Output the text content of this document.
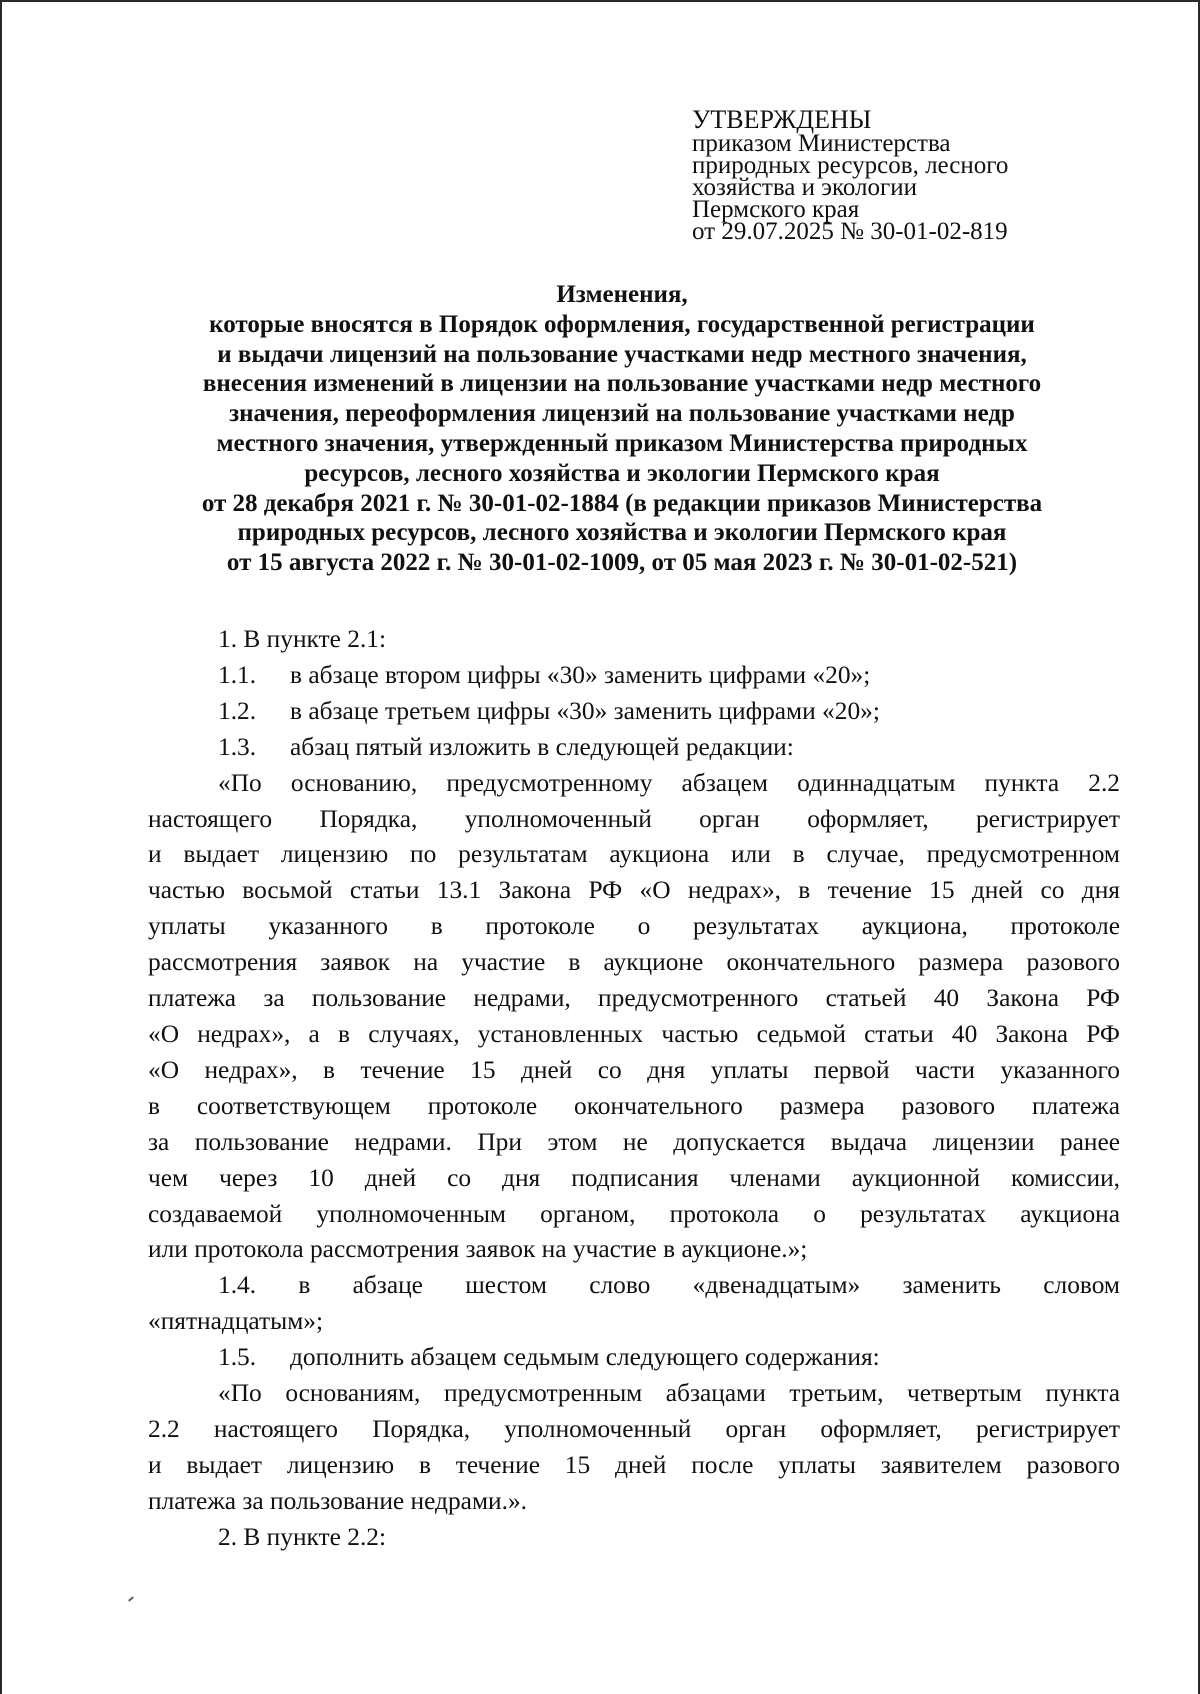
УТВЕРЖДЕНЫ
приказом Министерства
природных ресурсов, лесного
хозяйства и экологии
Пермского края
от 29.07.2025 № 30-01-02-819
Изменения,
которые вносятся в Порядок оформления, государственной регистрации
и выдачи лицензий на пользование участками недр местного значения,
внесения изменений в лицензии на пользование участками недр местного
значения, переоформления лицензий на пользование участками недр
местного значения, утвержденный приказом Министерства природных
ресурсов, лесного хозяйства и экологии Пермского края
от 28 декабря 2021 г. № 30-01-02-1884 (в редакции приказов Министерства
природных ресурсов, лесного хозяйства и экологии Пермского края
от 15 августа 2022 г. № 30-01-02-1009, от 05 мая 2023 г. № 30-01-02-521)

1. В пункте 2.1:

1.1.	в абзаце втором цифры «30» заменить цифрами «20»;
1.2.	в абзаце третьем цифры «30» заменить цифрами «20»;
1.3.	абзац пятый изложить в следующей редакции:

«По основанию, предусмотренному абзацем одиннадцатым пункта 2.2

настоящего Порядка, уполномоченный орган оформляет, регистрирует

и выдает лицензию по результатам аукциона или в случае, предусмотренном

частью восьмой статьи 13.1 Закона РФ «О недрах», в течение 15 дней со дня

уплаты указанного в протоколе о результатах аукциона, протоколе

рассмотрения заявок на участие в аукционе окончательного размера разового

платежа за пользование недрами, предусмотренного статьей 40 Закона РФ

«О недрах», а в случаях, установленных частью седьмой статьи 40 Закона РФ

«О недрах», в течение 15 дней со дня уплаты первой части указанного

в соответствующем протоколе окончательного размера разового платежа

за пользование недрами. При этом не допускается выдача лицензии ранее

чем через 10 дней со дня подписания членами аукционной комиссии,

создаваемой уполномоченным органом, протокола о результатах аукциона

или протокола рассмотрения заявок на участие в аукционе.»;

1.4. в абзаце шестом слово «двенадцатым» заменить словом

«пятнадцатым»;

1.5.	дополнить абзацем седьмым следующего содержания:

«По основаниям, предусмотренным абзацами третьим, четвертым пункта

2.2 настоящего Порядка, уполномоченный орган оформляет, регистрирует

и выдает лицензию в течение 15 дней после уплаты заявителем разового

платежа за пользование недрами.».

2. В пункте 2.2:
